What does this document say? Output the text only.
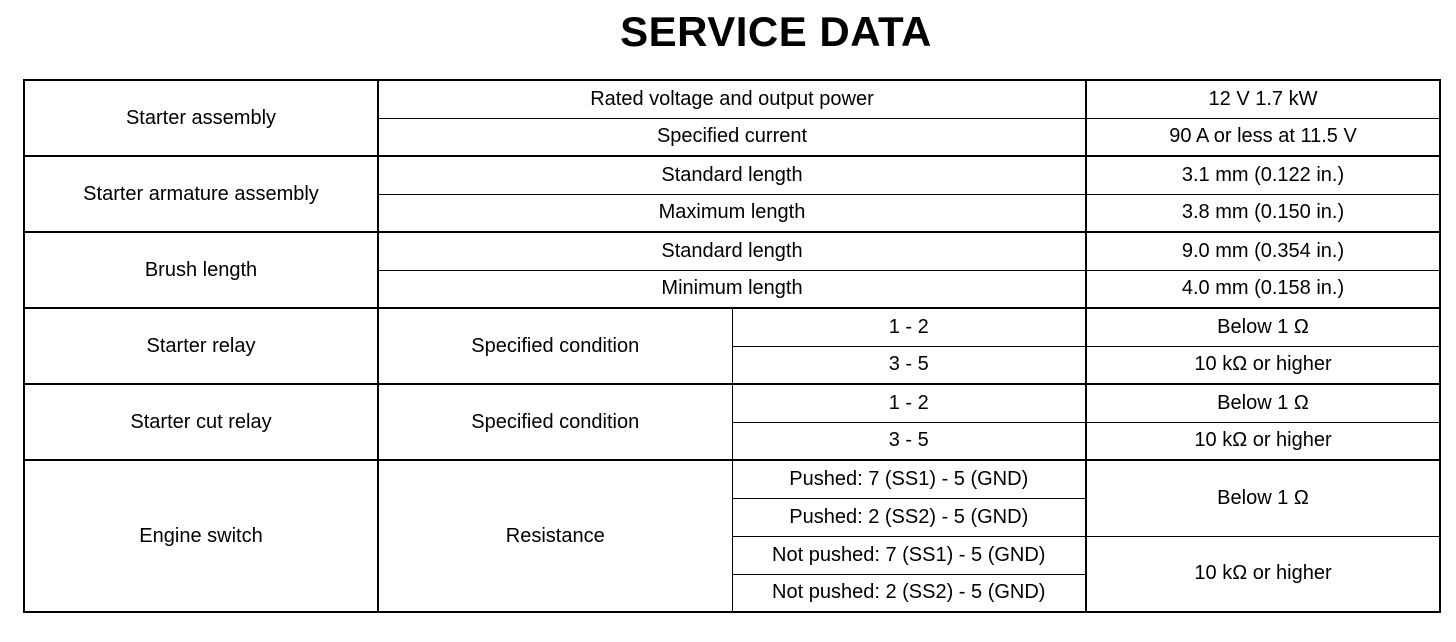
SERVICE DATA
Starter assembly	Rated voltage and output power		12 V 1.7 kW
	Specified current		90 A or less at 11.5 V
Starter armature assembly	Standard length		3.1 mm (0.122 in.)
	Maximum length		3.8 mm (0.150 in.)
Brush length	Standard length		9.0 mm (0.354 in.)
	Minimum length		4.0 mm (0.158 in.)
Starter relay	Specified condition	1 - 2	Below 1 Ω
		3 - 5	10 kΩ or higher
Starter cut relay	Specified condition	1 - 2	Below 1 Ω
		3 - 5	10 kΩ or higher
Engine switch	Resistance	Pushed: 7 (SS1) - 5 (GND)	Below 1 Ω
		Pushed: 2 (SS2) - 5 (GND)	
		Not pushed: 7 (SS1) - 5 (GND)	10 kΩ or higher
		Not pushed: 2 (SS2) - 5 (GND)	
